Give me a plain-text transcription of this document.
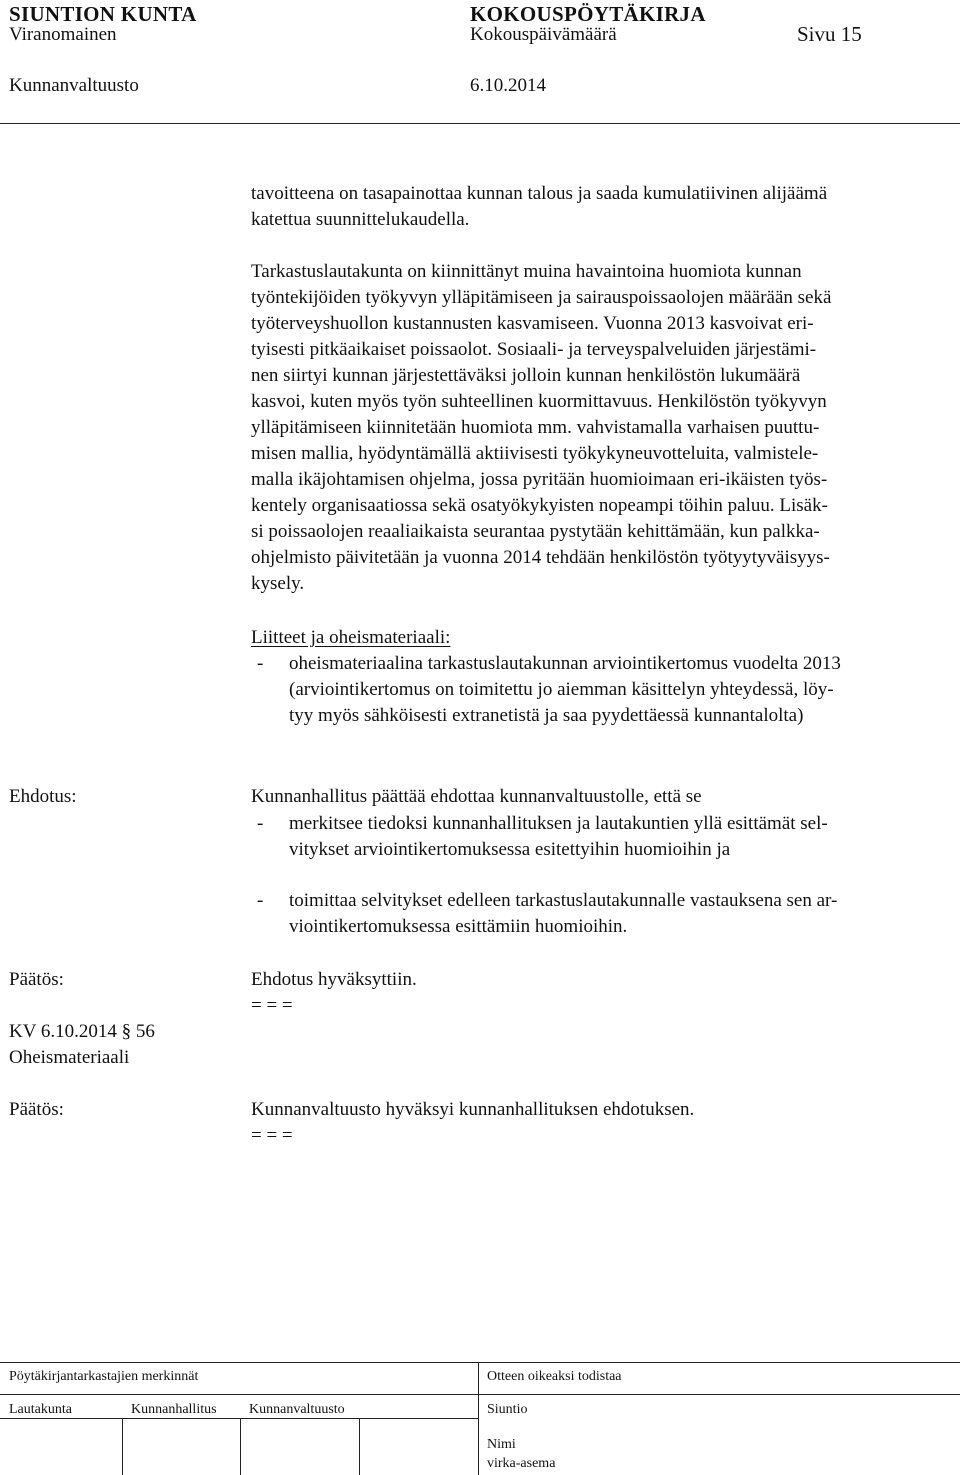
SIUNTION KUNTA	KOKOUSPÖYTÄKIRJA
Viranomainen	Kokouspäivämäärä	Sivu 15
Kunnanvaltuusto	6.10.2014
tavoitteena on tasapainottaa kunnan talous ja saada kumulatiivinen alijäämä
katettua suunnittelukaudella.
Tarkastuslautakunta on kiinnittänyt muina havaintoina huomiota kunnan
työntekijöiden työkyvyn ylläpitämiseen ja sairauspoissaolojen määrään sekä
työterveyshuollon kustannusten kasvamiseen. Vuonna 2013 kasvoivat eri-
tyisesti pitkäaikaiset poissaolot. Sosiaali- ja terveyspalveluiden järjestämi-
nen siirtyi kunnan järjestettäväksi jolloin kunnan henkilöstön lukumäärä
kasvoi, kuten myös työn suhteellinen kuormittavuus. Henkilöstön työkyvyn
ylläpitämiseen kiinnitetään huomiota mm. vahvistamalla varhaisen puuttu-
misen mallia, hyödyntämällä aktiivisesti työkykyneuvotteluita, valmistele-
malla ikäjohtamisen ohjelma, jossa pyritään huomioimaan eri-ikäisten työs-
kentely organisaatiossa sekä osatyökykyisten nopeampi töihin paluu. Lisäk-
si poissaolojen reaaliaikaista seurantaa pystytään kehittämään, kun palkka-
ohjelmisto päivitetään ja vuonna 2014 tehdään henkilöstön työtyytyväisyys-
kysely.
Liitteet ja oheismateriaali:
- oheismateriaalina tarkastuslautakunnan arviointikertomus vuodelta 2013
(arviointikertomus on toimitettu jo aiemman käsittelyn yhteydessä, löy-
tyy myös sähköisesti extranetistä ja saa pyydettäessä kunnantalolta)
Ehdotus:	Kunnanhallitus päättää ehdottaa kunnanvaltuustolle, että se
- merkitsee tiedoksi kunnanhallituksen ja lautakuntien yllä esittämät sel-
vitykset arviointikertomuksessa esitettyihin huomioihin ja
- toimittaa selvitykset edelleen tarkastuslautakunnalle vastauksena sen ar-
viointikertomuksessa esittämiin huomioihin.
Päätös:	Ehdotus hyväksyttiin.
= = =
KV 6.10.2014 § 56
Oheismateriaali
Päätös:	Kunnanvaltuusto hyväksyi kunnanhallituksen ehdotuksen.
= = =
Pöytäkirjantarkastajien merkinnät	Otteen oikeaksi todistaa
Lautakunta	Kunnanhallitus Kunnanvaltuusto	Siuntio
Nimi
virka-asema
